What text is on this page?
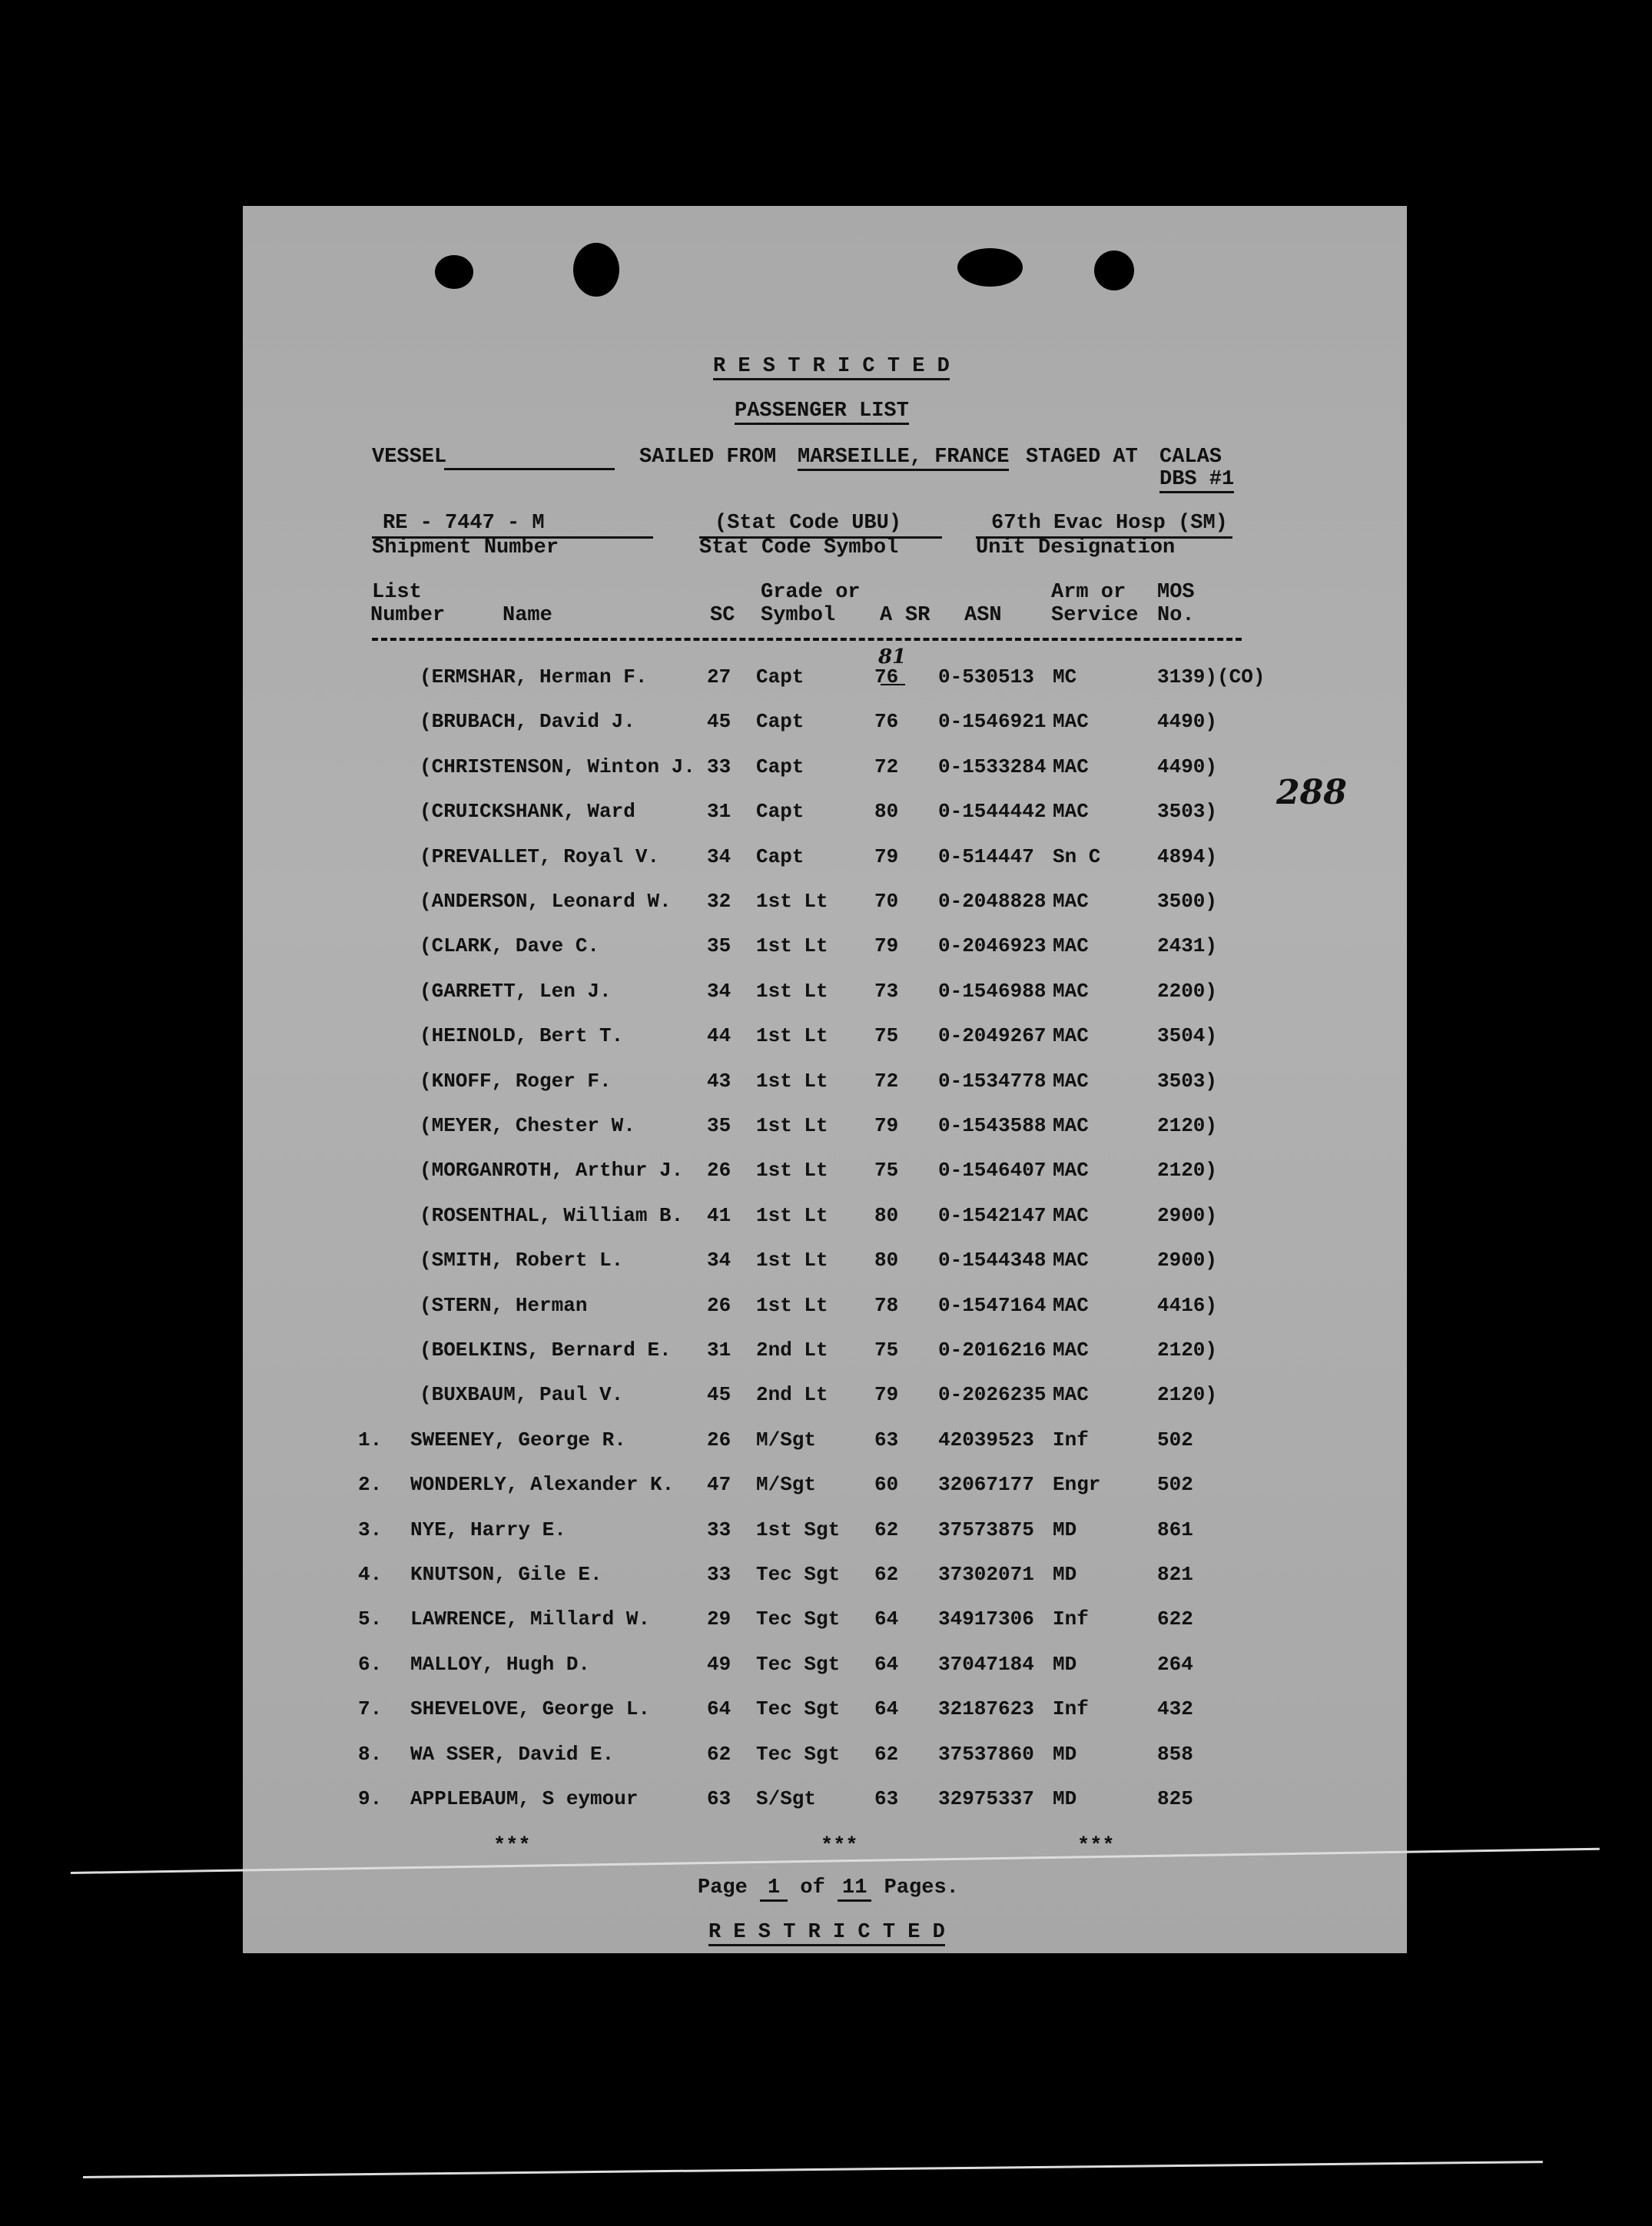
R E S T R I C T E D
PASSENGER LIST
VESSEL	SAILED FROM MARSEILLE, FRANCE STAGED AT CALAS
DBS #1
RE - 7447 - M
Shipment Number
(Stat Code UBU)
Stat Code Symbol
67th Evac Hosp (SM)
Unit Designation
List
Number	Name	SC
Grade or
Symbol A SR ASN
Arm or
Service
MOS
No.
(ERMSHAR, Herman F.	27 Capt	76 0-530513 MC	3139)(CO)
(BRUBACH, David J.	45 Capt	76 0-1546921 MAC	4490)
(CHRISTENSON, Winton J. 33 Capt	72 0-1533284 MAC	4490)
(CRUICKSHANK, Ward	31 Capt	80 0-1544442 MAC	3503)
(PREVALLET, Royal V. 34 Capt	79 0-514447 Sn C	4894)
(ANDERSON, Leonard W. 32 1st Lt 70 0-2048828 MAC	3500)
(CLARK, Dave C.	35 1st Lt 79 0-2046923 MAC	2431)
(GARRETT, Len J.	34 1st Lt 73 0-1546988 MAC	2200)
(HEINOLD, Bert T.	44 1st Lt 75 0-2049267 MAC	3504)
(KNOFF, Roger F.	43 1st Lt 72 0-1534778 MAC	3503)
(MEYER, Chester W.	35 1st Lt 79 0-1543588 MAC	2120)
(MORGANROTH, Arthur J. 26 1st Lt 75 0-1546407 MAC	2120)
(ROSENTHAL, William B. 41 1st Lt 80 0-1542147 MAC	2900)
(SMITH, Robert L.	34 1st Lt 80 0-1544348 MAC	2900)
(STERN, Herman	26 1st Lt 78 0-1547164 MAC	4416)
(BOELKINS, Bernard E. 31 2nd Lt 75 0-2016216 MAC	2120)
(BUXBAUM, Paul V.	45 2nd Lt 79 0-2026235 MAC	2120)
1. SWEENEY, George R.	26 M/Sgt	63 42039523 Inf	502
2. WONDERLY, Alexander K. 47 M/Sgt	60 32067177 Engr	502
3. NYE, Harry E.	33 1st Sgt 62 37573875 MD	861
4. KNUTSON, Gile E.	33 Tec Sgt 62 37302071 MD	821
5. LAWRENCE, Millard W.	29 Tec Sgt 64 34917306 Inf	622
6. MALLOY, Hugh D.	49 Tec Sgt 64 37047184 MD	264
7. SHEVELOVE, George L.	64 Tec Sgt 64 32187623 Inf	432
8. WA SSER, David E.	62 Tec Sgt 62 37537860 MD	858
9. APPLEBAUM, S eymour	63 S/Sgt	63 32975337 MD	825
81
288
***	***	***
Page 1 of 11 Pages.
R E S T R I C T E D
